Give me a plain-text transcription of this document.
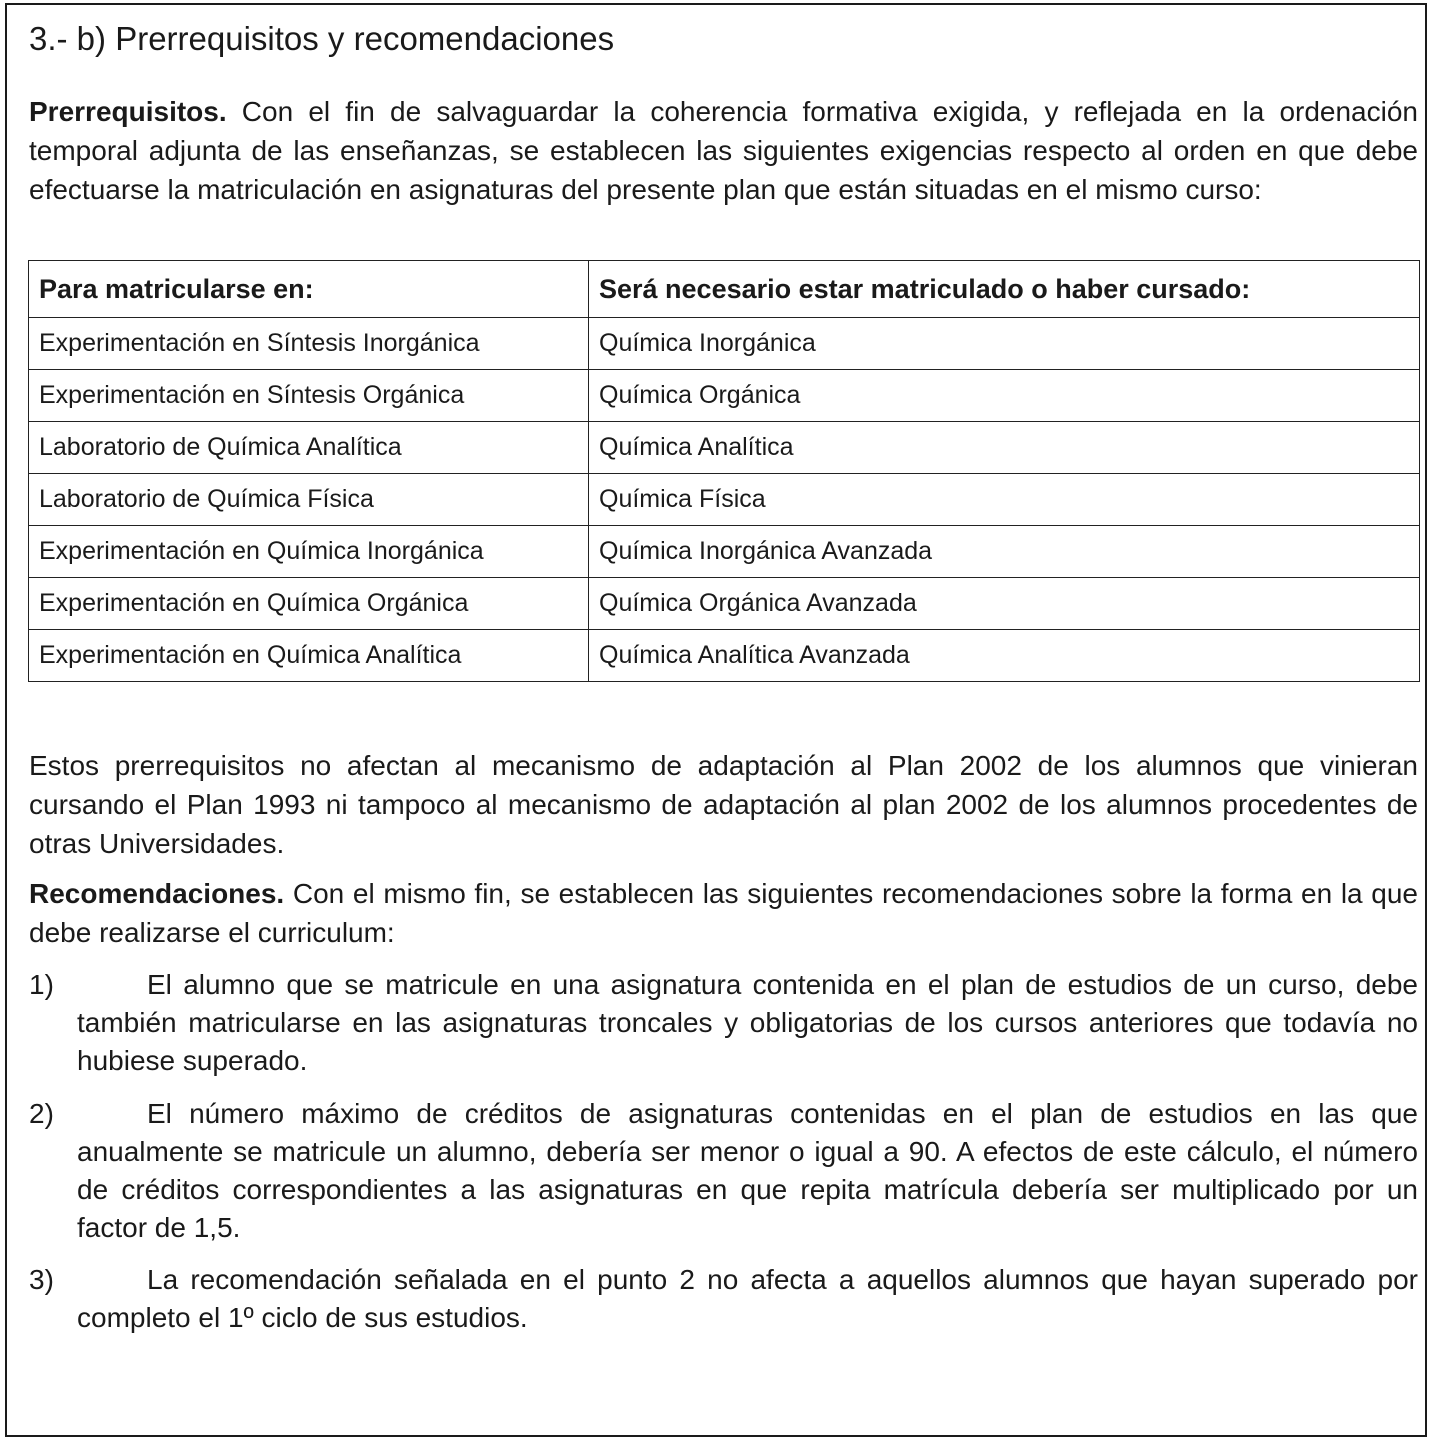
3.- b) Prerrequisitos y recomendaciones

Prerrequisitos. Con el fin de salvaguardar la coherencia formativa exigida, y reflejada en la ordenación temporal adjunta de las enseñanzas, se establecen las siguientes exigencias respecto al orden en que debe efectuarse la matriculación en asignaturas del presente plan que están situadas en el mismo curso:

Para matricularse en:	Será necesario estar matriculado o haber cursado:
Experimentación en Síntesis Inorgánica	Química Inorgánica
Experimentación en Síntesis Orgánica	Química Orgánica
Laboratorio de Química Analítica	Química Analítica
Laboratorio de Química Física	Química Física
Experimentación en Química Inorgánica	Química Inorgánica Avanzada
Experimentación en Química Orgánica	Química Orgánica Avanzada
Experimentación en Química Analítica	Química Analítica Avanzada

Estos prerrequisitos no afectan al mecanismo de adaptación al Plan 2002 de los alumnos que vinieran cursando el Plan 1993 ni tampoco al mecanismo de adaptación al plan 2002 de los alumnos procedentes de otras Universidades.

Recomendaciones. Con el mismo fin, se establecen las siguientes recomendaciones sobre la forma en la que debe realizarse el curriculum:

1)	El alumno que se matricule en una asignatura contenida en el plan de estudios de un curso, debe también matricularse en las asignaturas troncales y obligatorias de los cursos anteriores que todavía no hubiese superado.

2)	El número máximo de créditos de asignaturas contenidas en el plan de estudios en las que anualmente se matricule un alumno, debería ser menor o igual a 90. A efectos de este cálculo, el número de créditos correspondientes a las asignaturas en que repita matrícula debería ser multiplicado por un factor de 1,5.

3)	La recomendación señalada en el punto 2 no afecta a aquellos alumnos que hayan superado por completo el 1º ciclo de sus estudios.
